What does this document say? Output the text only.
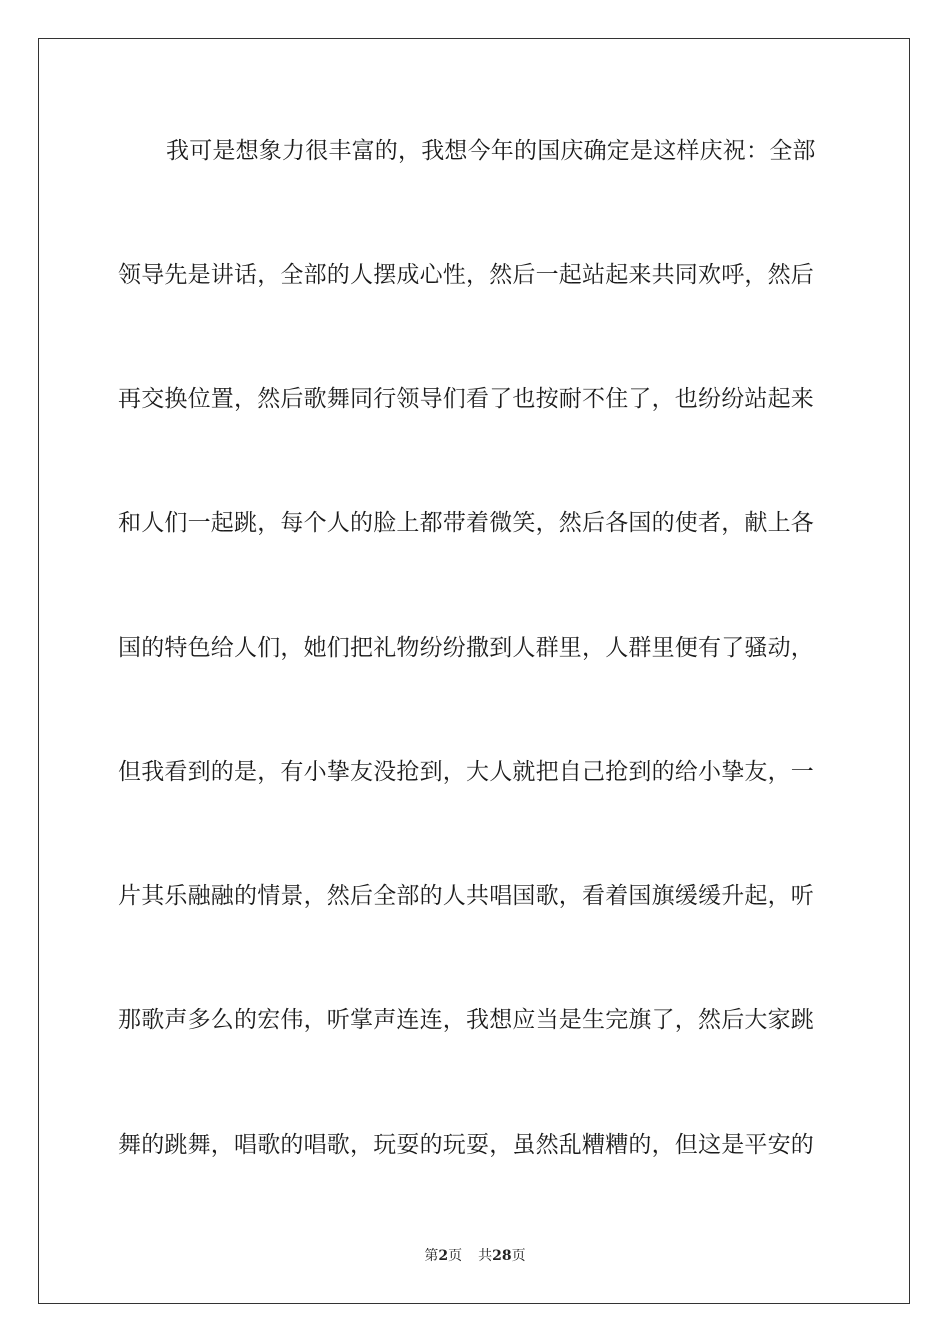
我可是想象力很丰富的，我想今年的国庆确定是这样庆祝：全部
领导先是讲话，全部的人摆成心性，然后一起站起来共同欢呼，然后
再交换位置，然后歌舞同行领导们看了也按耐不住了，也纷纷站起来
和人们一起跳，每个人的脸上都带着微笑，然后各国的使者，献上各
国的特色给人们，她们把礼物纷纷撒到人群里，人群里便有了骚动，
但我看到的是，有小挚友没抢到，大人就把自己抢到的给小挚友，一
片其乐融融的情景，然后全部的人共唱国歌，看着国旗缓缓升起，听
那歌声多么的宏伟，听掌声连连，我想应当是生完旗了，然后大家跳
舞的跳舞，唱歌的唱歌，玩耍的玩耍，虽然乱糟糟的，但这是平安的
第2页 共28页
